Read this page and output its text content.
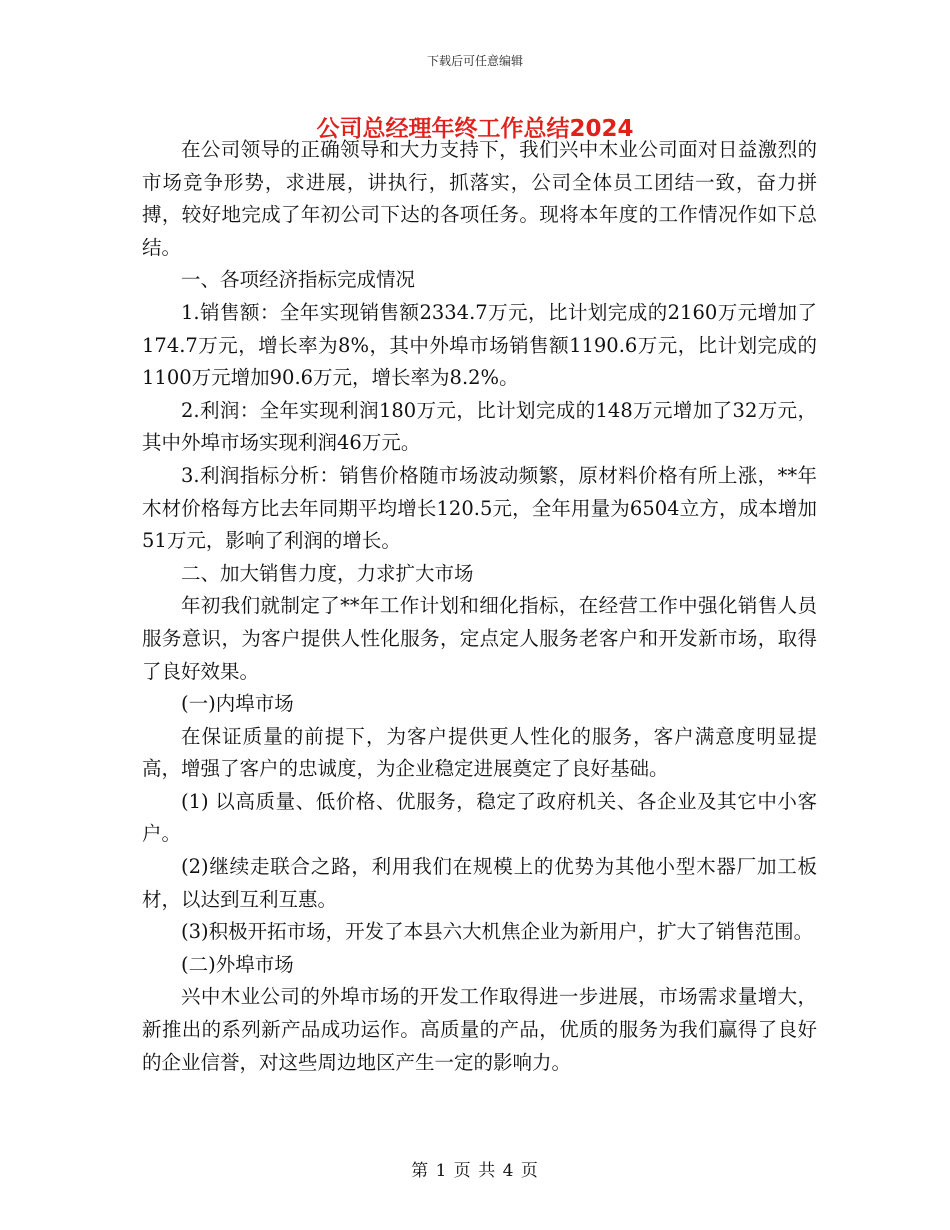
下载后可任意编辑
公司总经理年终工作总结2024

在公司领导的正确领导和大力支持下，我们兴中木业公司面对日益激烈的市场竞争形势，求进展，讲执行，抓落实，公司全体员工团结一致，奋力拼搏，较好地完成了年初公司下达的各项任务。现将本年度的工作情况作如下总结。

一、各项经济指标完成情况

1.销售额：全年实现销售额2334.7万元，比计划完成的2160万元增加了174.7万元，增长率为8%，其中外埠市场销售额1190.6万元，比计划完成的1100万元增加90.6万元，增长率为8.2%。

2.利润：全年实现利润180万元，比计划完成的148万元增加了32万元，其中外埠市场实现利润46万元。

3.利润指标分析：销售价格随市场波动频繁，原材料价格有所上涨，**年木材价格每方比去年同期平均增长120.5元，全年用量为6504立方，成本增加51万元，影响了利润的增长。

二、加大销售力度，力求扩大市场

年初我们就制定了**年工作计划和细化指标，在经营工作中强化销售人员服务意识，为客户提供人性化服务，定点定人服务老客户和开发新市场，取得了良好效果。

(一)内埠市场

在保证质量的前提下，为客户提供更人性化的服务，客户满意度明显提高，增强了客户的忠诚度，为企业稳定进展奠定了良好基础。

(1) 以高质量、低价格、优服务，稳定了政府机关、各企业及其它中小客户。

(2)继续走联合之路，利用我们在规模上的优势为其他小型木器厂加工板材，以达到互利互惠。

(3)积极开拓市场，开发了本县六大机焦企业为新用户，扩大了销售范围。

(二)外埠市场

兴中木业公司的外埠市场的开发工作取得进一步进展，市场需求量增大，新推出的系列新产品成功运作。高质量的产品，优质的服务为我们赢得了良好的企业信誉，对这些周边地区产生一定的影响力。

第 1 页 共 4 页
